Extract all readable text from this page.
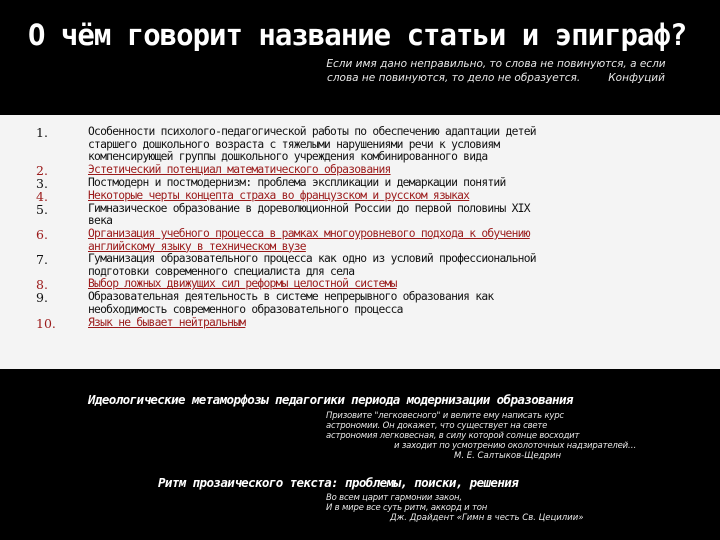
О чём говорит название статьи и эпиграф?
Если имя дано неправильно, то слова не повинуются, а если
слова не повинуются, то дело не образуется.	Конфуций
1.	Особенности психолого-педагогической работы по обеспечению адаптации детей
старшего дошкольного возраста с тяжелыми нарушениями речи к условиям
компенсирующей группы дошкольного учреждения комбинированного вида
2.	Эстетический потенциал математического образования
3.	Постмодерн и постмодернизм: проблема экспликации и демаркации понятий
4.	Некоторые черты концепта страха во французском и русском языках
5.	Гимназическое образование в дореволюционной России до первой половины XIX
века
6.	Организация учебного процесса в рамках многоуровневого подхода к обучению
английскому языку в техническом вузе
7.	Гуманизация образовательного процесса как одно из условий профессиональной
подготовки современного специалиста для села
8.	Выбор ложных движущих сил реформы целостной системы
9.	Образовательная деятельность в системе непрерывного образования как
необходимость современного образовательного процесса
10.	Язык не бывает нейтральным
Идеологические метаморфозы педагогики периода модернизации образования
Призовите "легковесного" и велите ему написать курс
астрономии. Он докажет, что существует на свете
астрономия легковесная, в силу которой солнце восходит
и заходит по усмотрению околоточных надзирателей…
М. Е. Салтыков-Щедрин
Ритм прозаического текста: проблемы, поиски, решения
Во всем царит гармонии закон,
И в мире все суть ритм, аккорд и тон
Дж. Драйдент «Гимн в честь Св. Цецилии»
